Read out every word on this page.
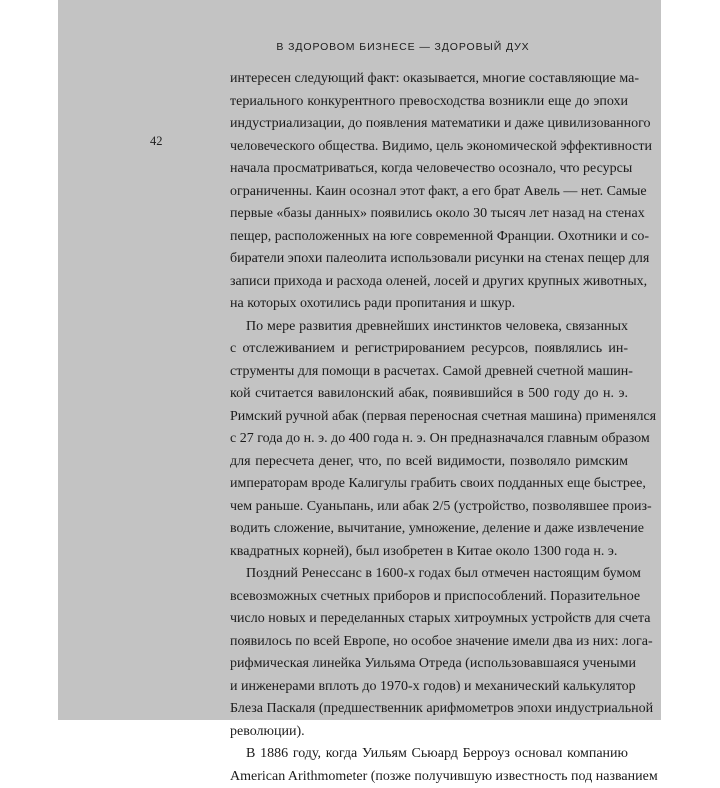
В ЗДОРОВОМ БИЗНЕСЕ — ЗДОРОВЫЙ ДУХ
42
интересен следующий факт: оказывается, многие составляющие ма-
териального конкурентного превосходства возникли еще до эпохи
индустриализации, до появления математики и даже цивилизованного
человеческого общества. Видимо, цель экономической эффективности
начала просматриваться, когда человечество осознало, что ресурсы
ограниченны. Каин осознал этот факт, а его брат Авель — нет. Самые
первые «базы данных» появились около 30 тысяч лет назад на стенах
пещер, расположенных на юге современной Франции. Охотники и со-
биратели эпохи палеолита использовали рисунки на стенах пещер для
записи прихода и расхода оленей, лосей и других крупных животных,
на которых охотились ради пропитания и шкур.
По мере развития древнейших инстинктов человека, связанных
с отслеживанием и регистрированием ресурсов, появлялись ин-
струменты для помощи в расчетах. Самой древней счетной машин-
кой считается вавилонский абак, появившийся в 500 году до н. э.
Римский ручной абак (первая переносная счетная машина) применялся
с 27 года до н. э. до 400 года н. э. Он предназначался главным образом
для пересчета денег, что, по всей видимости, позволяло римским
императорам вроде Калигулы грабить своих подданных еще быстрее,
чем раньше. Суаньпань, или абак 2/5 (устройство, позволявшее произ-
водить сложение, вычитание, умножение, деление и даже извлечение
квадратных корней), был изобретен в Китае около 1300 года н. э.
Поздний Ренессанс в 1600-х годах был отмечен настоящим бумом
всевозможных счетных приборов и приспособлений. Поразительное
число новых и переделанных старых хитроумных устройств для счета
появилось по всей Европе, но особое значение имели два из них: лога-
рифмическая линейка Уильяма Отреда (использовавшаяся учеными
и инженерами вплоть до 1970-х годов) и механический калькулятор
Блеза Паскаля (предшественник арифмометров эпохи индустриальной
революции).
В 1886 году, когда Уильям Сьюард Берроуз основал компанию
American Arithmometer (позже получившую известность под названием
